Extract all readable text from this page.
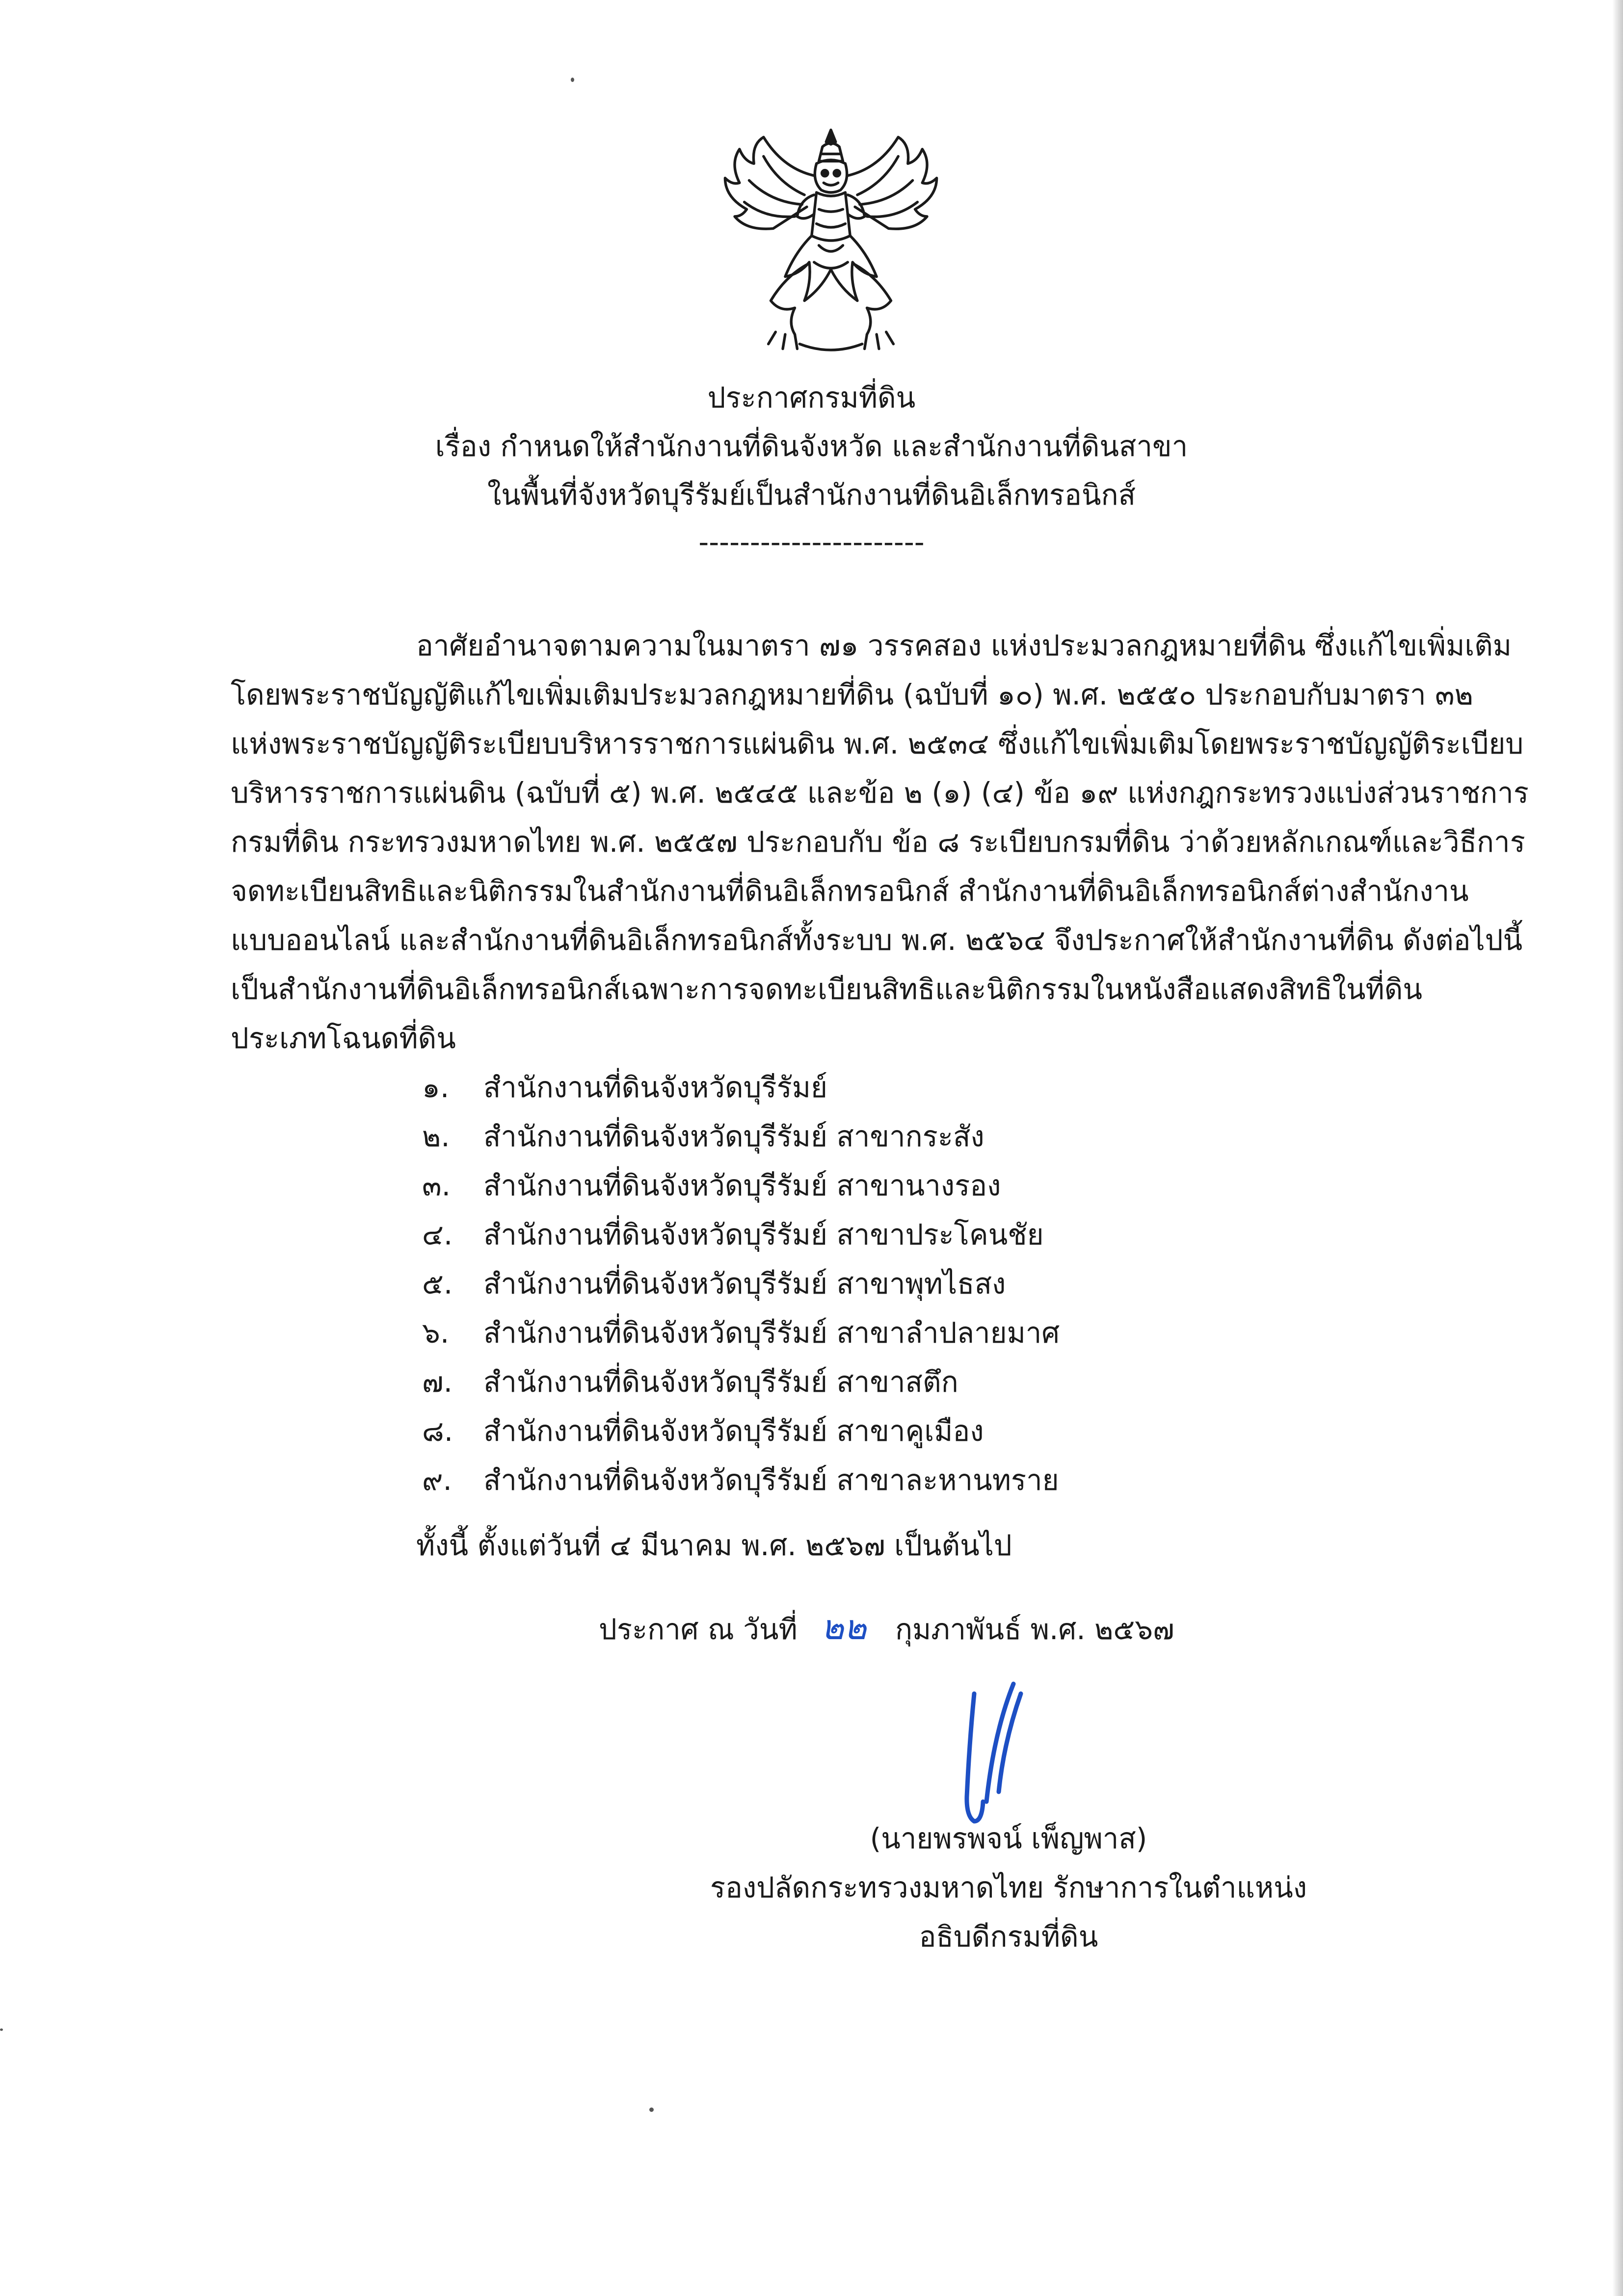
ประกาศกรมที่ดิน
เรื่อง กำหนดให้สำนักงานที่ดินจังหวัด และสำนักงานที่ดินสาขา
ในพื้นที่จังหวัดบุรีรัมย์เป็นสำนักงานที่ดินอิเล็กทรอนิกส์
----------------------
อาศัยอำนาจตามความในมาตรา ๗๑ วรรคสอง แห่งประมวลกฎหมายที่ดิน ซึ่งแก้ไขเพิ่มเติม
โดยพระราชบัญญัติแก้ไขเพิ่มเติมประมวลกฎหมายที่ดิน (ฉบับที่ ๑๐) พ.ศ. ๒๕๕๐ ประกอบกับมาตรา ๓๒
แห่งพระราชบัญญัติระเบียบบริหารราชการแผ่นดิน พ.ศ. ๒๕๓๔ ซึ่งแก้ไขเพิ่มเติมโดยพระราชบัญญัติระเบียบ
บริหารราชการแผ่นดิน (ฉบับที่ ๕) พ.ศ. ๒๕๔๕ และข้อ ๒ (๑) (๔) ข้อ ๑๙ แห่งกฎกระทรวงแบ่งส่วนราชการ
กรมที่ดิน กระทรวงมหาดไทย พ.ศ. ๒๕๕๗ ประกอบกับ ข้อ ๘ ระเบียบกรมที่ดิน ว่าด้วยหลักเกณฑ์และวิธีการ
จดทะเบียนสิทธิและนิติกรรมในสำนักงานที่ดินอิเล็กทรอนิกส์ สำนักงานที่ดินอิเล็กทรอนิกส์ต่างสำนักงาน
แบบออนไลน์ และสำนักงานที่ดินอิเล็กทรอนิกส์ทั้งระบบ พ.ศ. ๒๕๖๔ จึงประกาศให้สำนักงานที่ดิน ดังต่อไปนี้
เป็นสำนักงานที่ดินอิเล็กทรอนิกส์เฉพาะการจดทะเบียนสิทธิและนิติกรรมในหนังสือแสดงสิทธิในที่ดิน
ประเภทโฉนดที่ดิน
๑. สำนักงานที่ดินจังหวัดบุรีรัมย์
๒. สำนักงานที่ดินจังหวัดบุรีรัมย์ สาขากระสัง
๓. สำนักงานที่ดินจังหวัดบุรีรัมย์ สาขานางรอง
๔. สำนักงานที่ดินจังหวัดบุรีรัมย์ สาขาประโคนชัย
๕. สำนักงานที่ดินจังหวัดบุรีรัมย์ สาขาพุทไธสง
๖. สำนักงานที่ดินจังหวัดบุรีรัมย์ สาขาลำปลายมาศ
๗. สำนักงานที่ดินจังหวัดบุรีรัมย์ สาขาสตึก
๘. สำนักงานที่ดินจังหวัดบุรีรัมย์ สาขาคูเมือง
๙. สำนักงานที่ดินจังหวัดบุรีรัมย์ สาขาละหานทราย
ทั้งนี้ ตั้งแต่วันที่ ๔ มีนาคม พ.ศ. ๒๕๖๗ เป็นต้นไป
ประกาศ ณ วันที่ ๒๒ กุมภาพันธ์ พ.ศ. ๒๕๖๗
(นายพรพจน์ เพ็ญพาส)
รองปลัดกระทรวงมหาดไทย รักษาการในตำแหน่ง
อธิบดีกรมที่ดิน
